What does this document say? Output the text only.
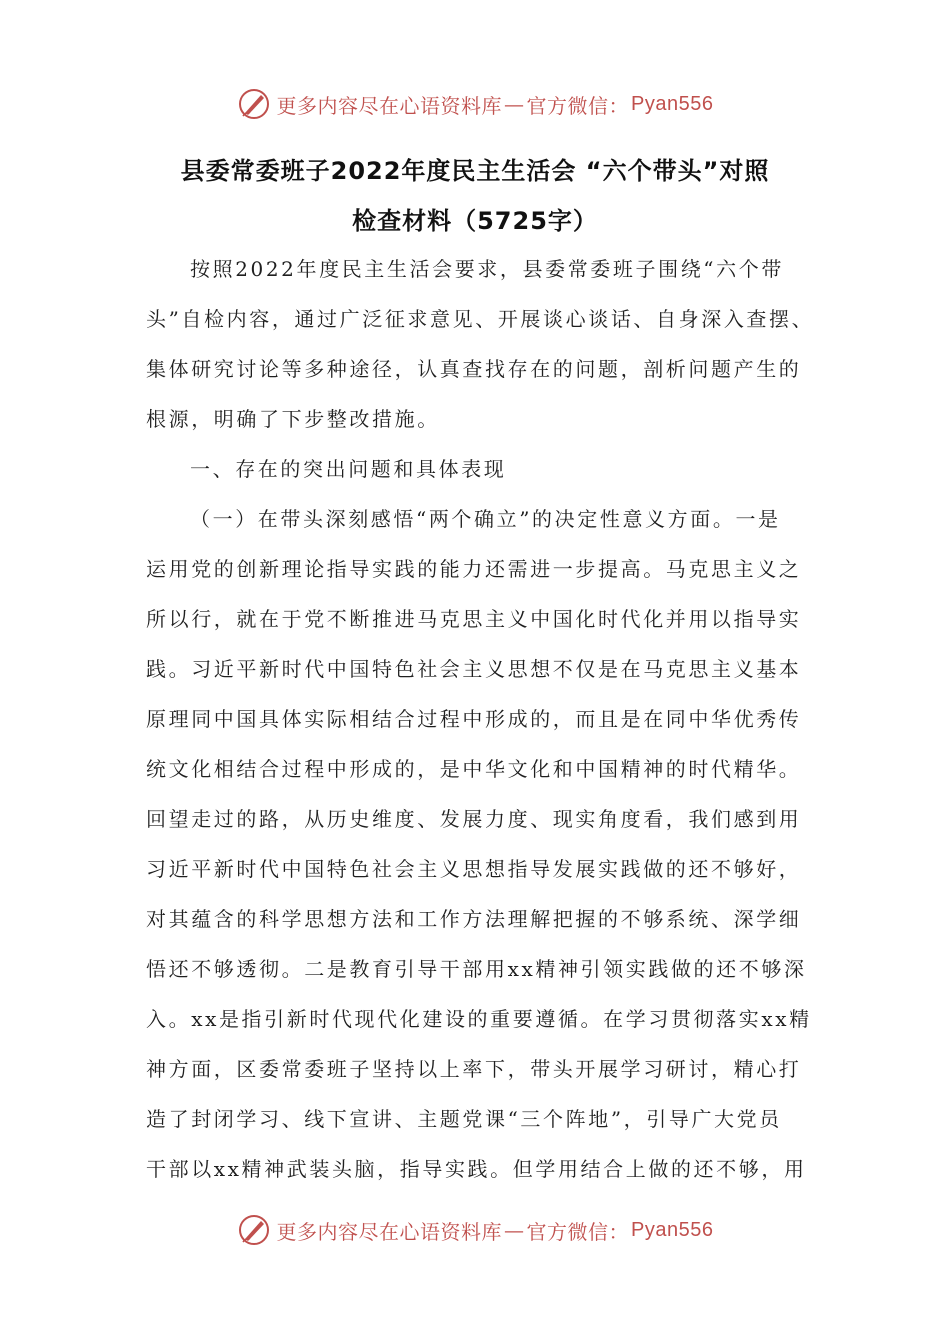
更多内容尽在心语资料库 — 官方微信： Pyan556
县委常委班子2022年度民主生活会 “六个带头”对照
检查材料（5725字）
按照2022年度民主生活会要求，县委常委班子围绕“六个带
头”自检内容，通过广泛征求意见、开展谈心谈话、自身深入查摆、
集体研究讨论等多种途径，认真查找存在的问题，剖析问题产生的
根源，明确了下步整改措施。
一、存在的突出问题和具体表现
（一）在带头深刻感悟“两个确立”的决定性意义方面。一是
运用党的创新理论指导实践的能力还需进一步提高。马克思主义之
所以行，就在于党不断推进马克思主义中国化时代化并用以指导实
践。习近平新时代中国特色社会主义思想不仅是在马克思主义基本
原理同中国具体实际相结合过程中形成的，而且是在同中华优秀传
统文化相结合过程中形成的，是中华文化和中国精神的时代精华。
回望走过的路，从历史维度、发展力度、现实角度看，我们感到用
习近平新时代中国特色社会主义思想指导发展实践做的还不够好，
对其蕴含的科学思想方法和工作方法理解把握的不够系统、深学细
悟还不够透彻。二是教育引导干部用xx精神引领实践做的还不够深
入。xx是指引新时代现代化建设的重要遵循。在学习贯彻落实xx精
神方面，区委常委班子坚持以上率下，带头开展学习研讨，精心打
造了封闭学习、线下宣讲、主题党课“三个阵地”，引导广大党员
干部以xx精神武装头脑，指导实践。但学用结合上做的还不够，用
更多内容尽在心语资料库 — 官方微信： Pyan556
